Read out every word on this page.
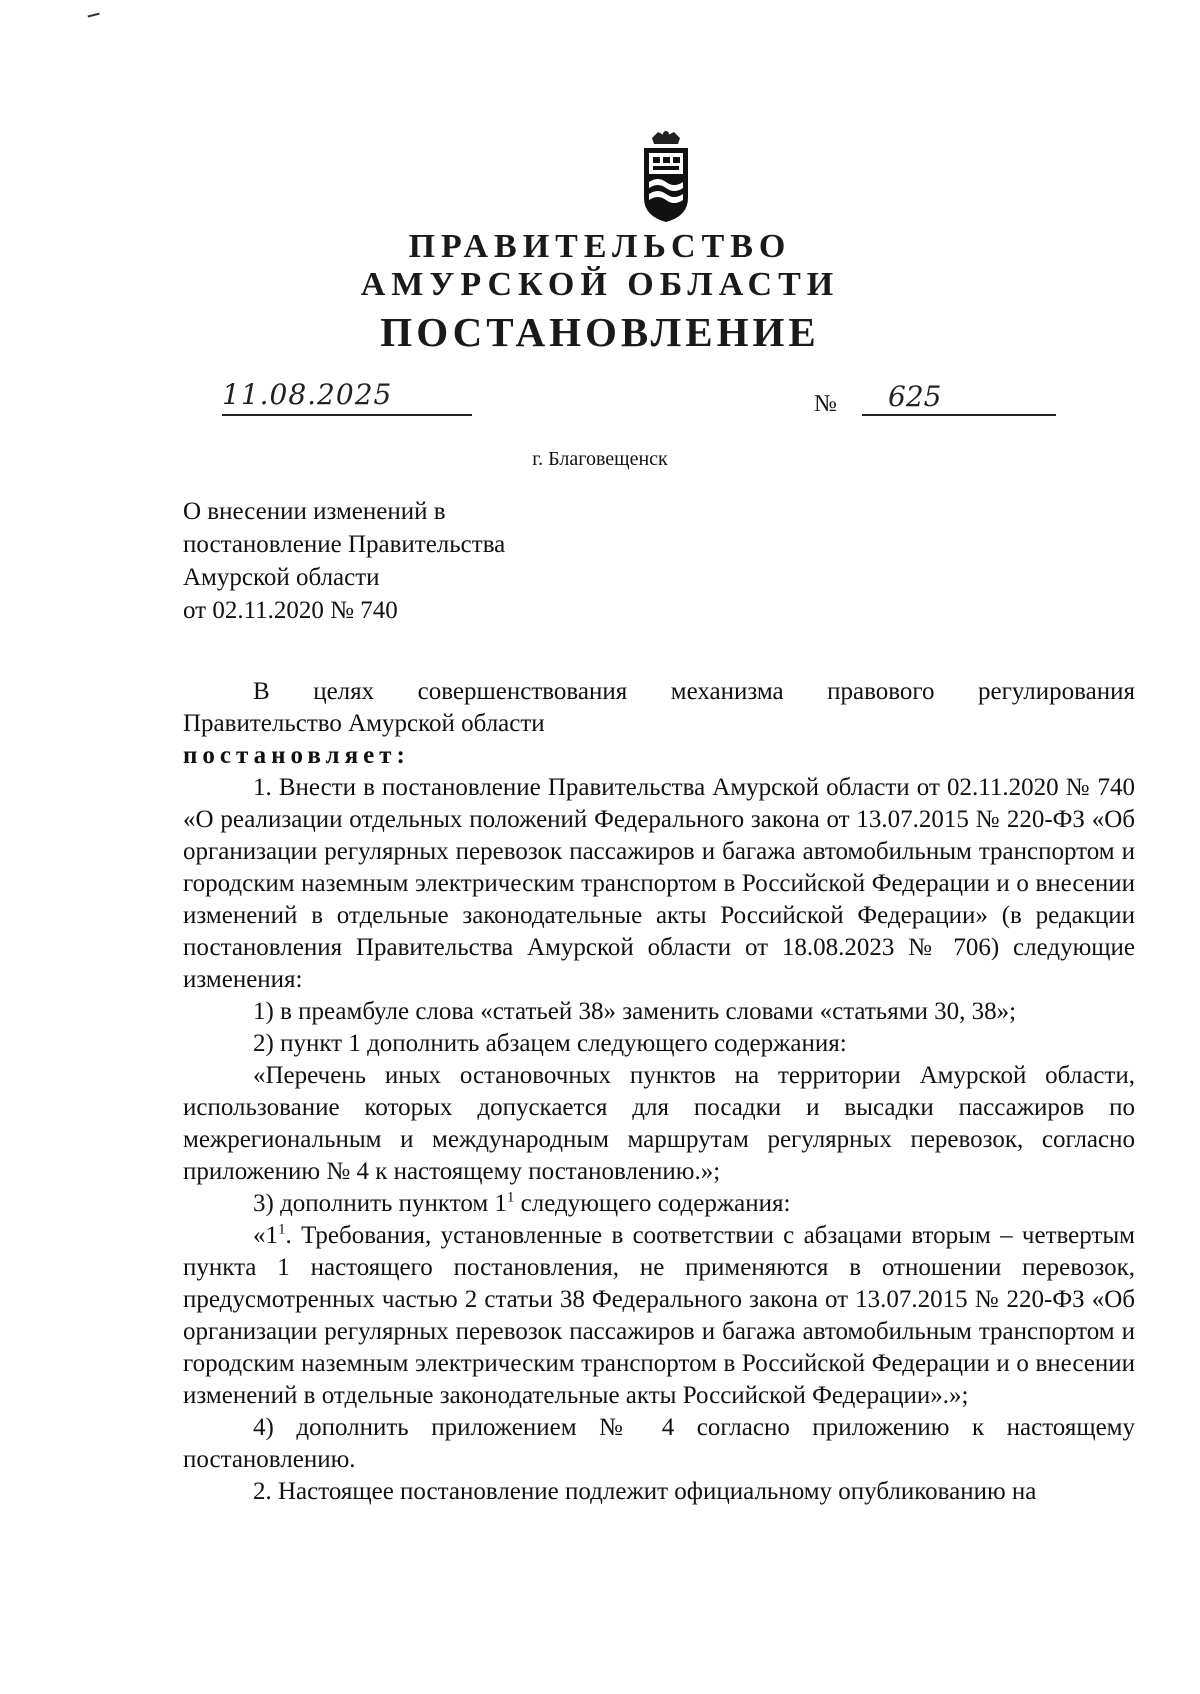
ПРАВИТЕЛЬСТВО
АМУРСКОЙ ОБЛАСТИ
ПОСТАНОВЛЕНИЕ
11.08.2025	№ 625
г. Благовещенск
О внесении изменений в
постановление Правительства
Амурской области
от 02.11.2020 № 740

В целях совершенствования механизма правового регулирования

Правительство Амурской области

постановляет:

1. Внести в постановление Правительства Амурской области от 02.11.2020 № 740 «О реализации отдельных положений Федерального закона от 13.07.2015 № 220-ФЗ «Об организации регулярных перевозок пассажиров и багажа автомобильным транспортом и городским наземным электрическим транспортом в Российской Федерации и о внесении изменений в отдельные законодательные акты Российской Федерации» (в редакции постановления Правительства Амурской области от 18.08.2023 № 706) следующие изменения:

1) в преамбуле слова «статьей 38» заменить словами «статьями 30, 38»;

2) пункт 1 дополнить абзацем следующего содержания:

«Перечень иных остановочных пунктов на территории Амурской области, использование которых допускается для посадки и высадки пассажиров по межрегиональным и международным маршрутам регулярных перевозок, согласно приложению № 4 к настоящему постановлению.»;

3) дополнить пунктом $1^1$ следующего содержания:

«$1^1$. Требования, установленные в соответствии с абзацами вторым – четвертым пункта 1 настоящего постановления, не применяются в отношении перевозок, предусмотренных частью 2 статьи 38 Федерального закона от 13.07.2015 № 220-ФЗ «Об организации регулярных перевозок пассажиров и багажа автомобильным транспортом и городским наземным электрическим транспортом в Российской Федерации и о внесении изменений в отдельные законодательные акты Российской Федерации».»;

4) дополнить приложением № 4 согласно приложению к настоящему постановлению.

2. Настоящее постановление подлежит официальному опубликованию на
